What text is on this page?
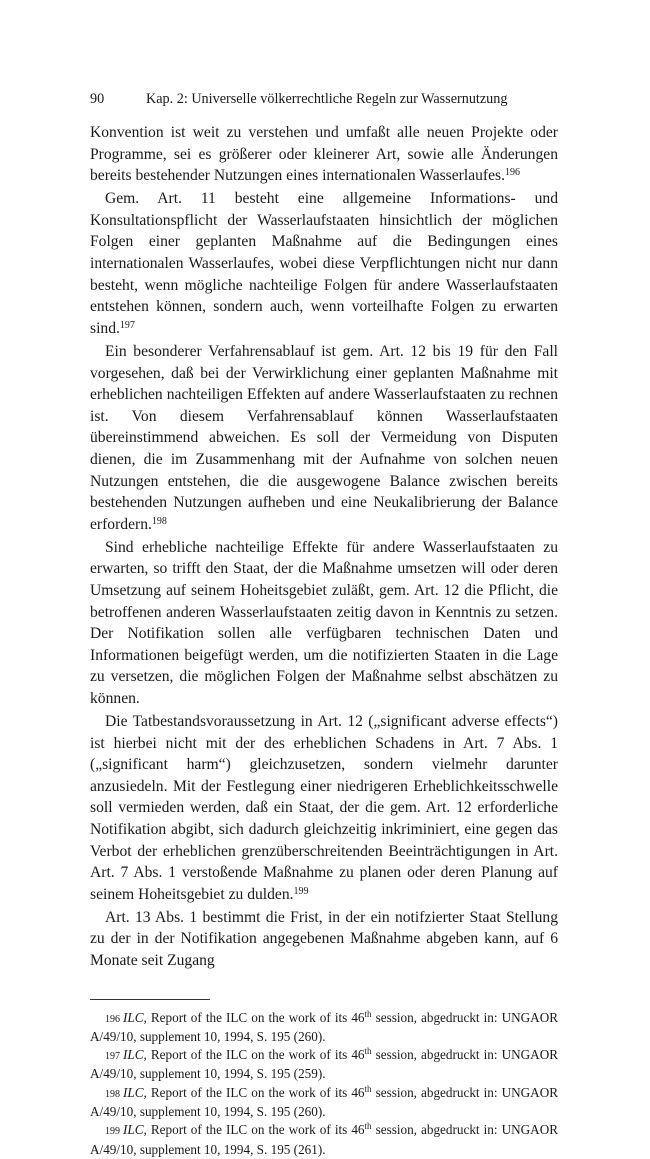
90	Kap. 2: Universelle völkerrechtliche Regeln zur Wassernutzung

Konvention ist weit zu verstehen und umfaßt alle neuen Projekte oder Programme, sei es größerer oder kleinerer Art, sowie alle Änderungen bereits bestehender Nutzungen eines internationalen Wasserlaufes.$^{196}$

Gem. Art. 11 besteht eine allgemeine Informations- und Konsultationspflicht der Wasserlaufstaaten hinsichtlich der möglichen Folgen einer geplanten Maßnahme auf die Bedingungen eines internationalen Wasserlaufes, wobei diese Verpflichtungen nicht nur dann besteht, wenn mögliche nachteilige Folgen für andere Wasserlaufstaaten entstehen können, sondern auch, wenn vorteilhafte Folgen zu erwarten sind.$^{197}$

Ein besonderer Verfahrensablauf ist gem. Art. 12 bis 19 für den Fall vorgesehen, daß bei der Verwirklichung einer geplanten Maßnahme mit erheblichen nachteiligen Effekten auf andere Wasserlaufstaaten zu rechnen ist. Von diesem Verfahrensablauf können Wasserlaufstaaten übereinstimmend abweichen. Es soll der Vermeidung von Disputen dienen, die im Zusammenhang mit der Aufnahme von solchen neuen Nutzungen entstehen, die die ausgewogene Balance zwischen bereits bestehenden Nutzungen aufheben und eine Neukalibrierung der Balance erfordern.$^{198}$

Sind erhebliche nachteilige Effekte für andere Wasserlaufstaaten zu erwarten, so trifft den Staat, der die Maßnahme umsetzen will oder deren Umsetzung auf seinem Hoheitsgebiet zuläßt, gem. Art. 12 die Pflicht, die betroffenen anderen Wasserlaufstaaten zeitig davon in Kenntnis zu setzen. Der Notifikation sollen alle verfügbaren technischen Daten und Informationen beigefügt werden, um die notifizierten Staaten in die Lage zu versetzen, die möglichen Folgen der Maßnahme selbst abschätzen zu können.

Die Tatbestandsvoraussetzung in Art. 12 („significant adverse effects“) ist hierbei nicht mit der des erheblichen Schadens in Art. 7 Abs. 1 („significant harm“) gleichzusetzen, sondern vielmehr darunter anzusiedeln. Mit der Festlegung einer niedrigeren Erheblichkeitsschwelle soll vermieden werden, daß ein Staat, der die gem. Art. 12 erforderliche Notifikation abgibt, sich dadurch gleichzeitig inkriminiert, eine gegen das Verbot der erheblichen grenzüberschreitenden Beeinträchtigungen in Art. Art. 7 Abs. 1 verstoßende Maßnahme zu planen oder deren Planung auf seinem Hoheitsgebiet zu dulden.$^{199}$

Art. 13 Abs. 1 bestimmt die Frist, in der ein notifzierter Staat Stellung zu der in der Notifikation angegebenen Maßnahme abgeben kann, auf 6 Monate seit Zugang

196 ILC, Report of the ILC on the work of its 46th session, abgedruckt in: UNGAOR A/49/10, supplement 10, 1994, S. 195 (260).

197 ILC, Report of the ILC on the work of its 46th session, abgedruckt in: UNGAOR A/49/10, supplement 10, 1994, S. 195 (259).

198 ILC, Report of the ILC on the work of its 46th session, abgedruckt in: UNGAOR A/49/10, supplement 10, 1994, S. 195 (260).

199 ILC, Report of the ILC on the work of its 46th session, abgedruckt in: UNGAOR A/49/10, supplement 10, 1994, S. 195 (261).
